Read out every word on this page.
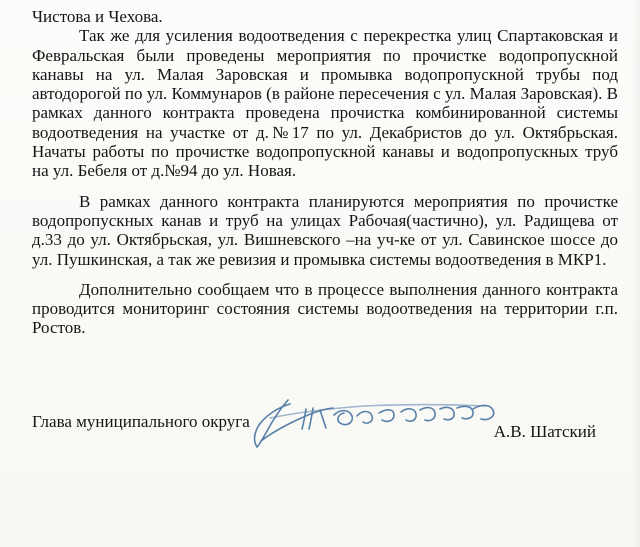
Чистова и Чехова.

Так же для усиления водоотведения с перекрестка улиц Спартаковская и Февральская были проведены мероприятия по прочистке водопропускной канавы на ул. Малая Заровская и промывка водопропускной трубы под автодорогой по ул. Коммунаров (в районе пересечения с ул. Малая Заровская). В рамках данного контракта проведена прочистка комбинированной системы водоотведения на участке от д.№17 по ул. Декабристов до ул. Октябрьская. Начаты работы по прочистке водопропускной канавы и водопропускных труб на ул. Бебеля от д.№94 до ул. Новая.

В рамках данного контракта планируются мероприятия по прочистке водопропускных канав и труб на улицах Рабочая(частично), ул. Радищева от д.33 до ул. Октябрьская, ул. Вишневского –на уч-ке от ул. Савинское шоссе до ул. Пушкинская, а так же ревизия и промывка системы водоотведения в МКР1.

Дополнительно сообщаем что в процессе выполнения данного контракта проводится мониторинг состояния системы водоотведения на территории г.п. Ростов.

Глава муниципального округа
А.В. Шатский
